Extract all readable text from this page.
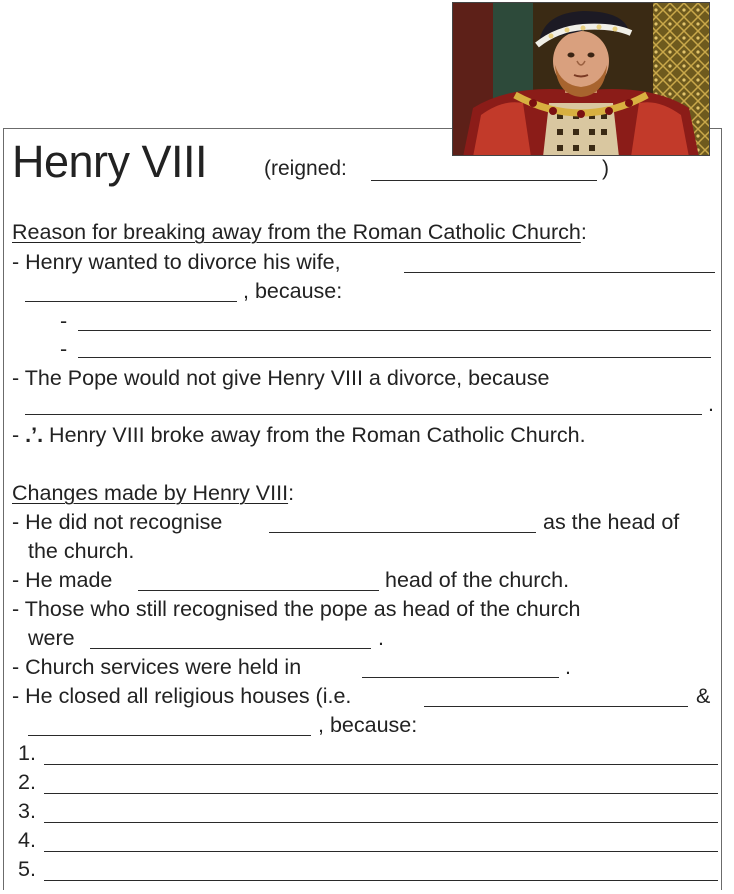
Henry VIII	(reigned:	)
Reason for breaking away from the Roman Catholic Church:
- Henry wanted to divorce his wife,
, because:
-
-
- The Pope would not give Henry VIII a divorce, because
.
- .’. Henry VIII broke away from the Roman Catholic Church.
Changes made by Henry VIII:
- He did not recognise	as the head of
the church.
- He made	head of the church.
- Those who still recognised the pope as head of the church
were	.
- Church services were held in	.
- He closed all religious houses (i.e.	&
, because:
1.
2.
3.
4.
5.
